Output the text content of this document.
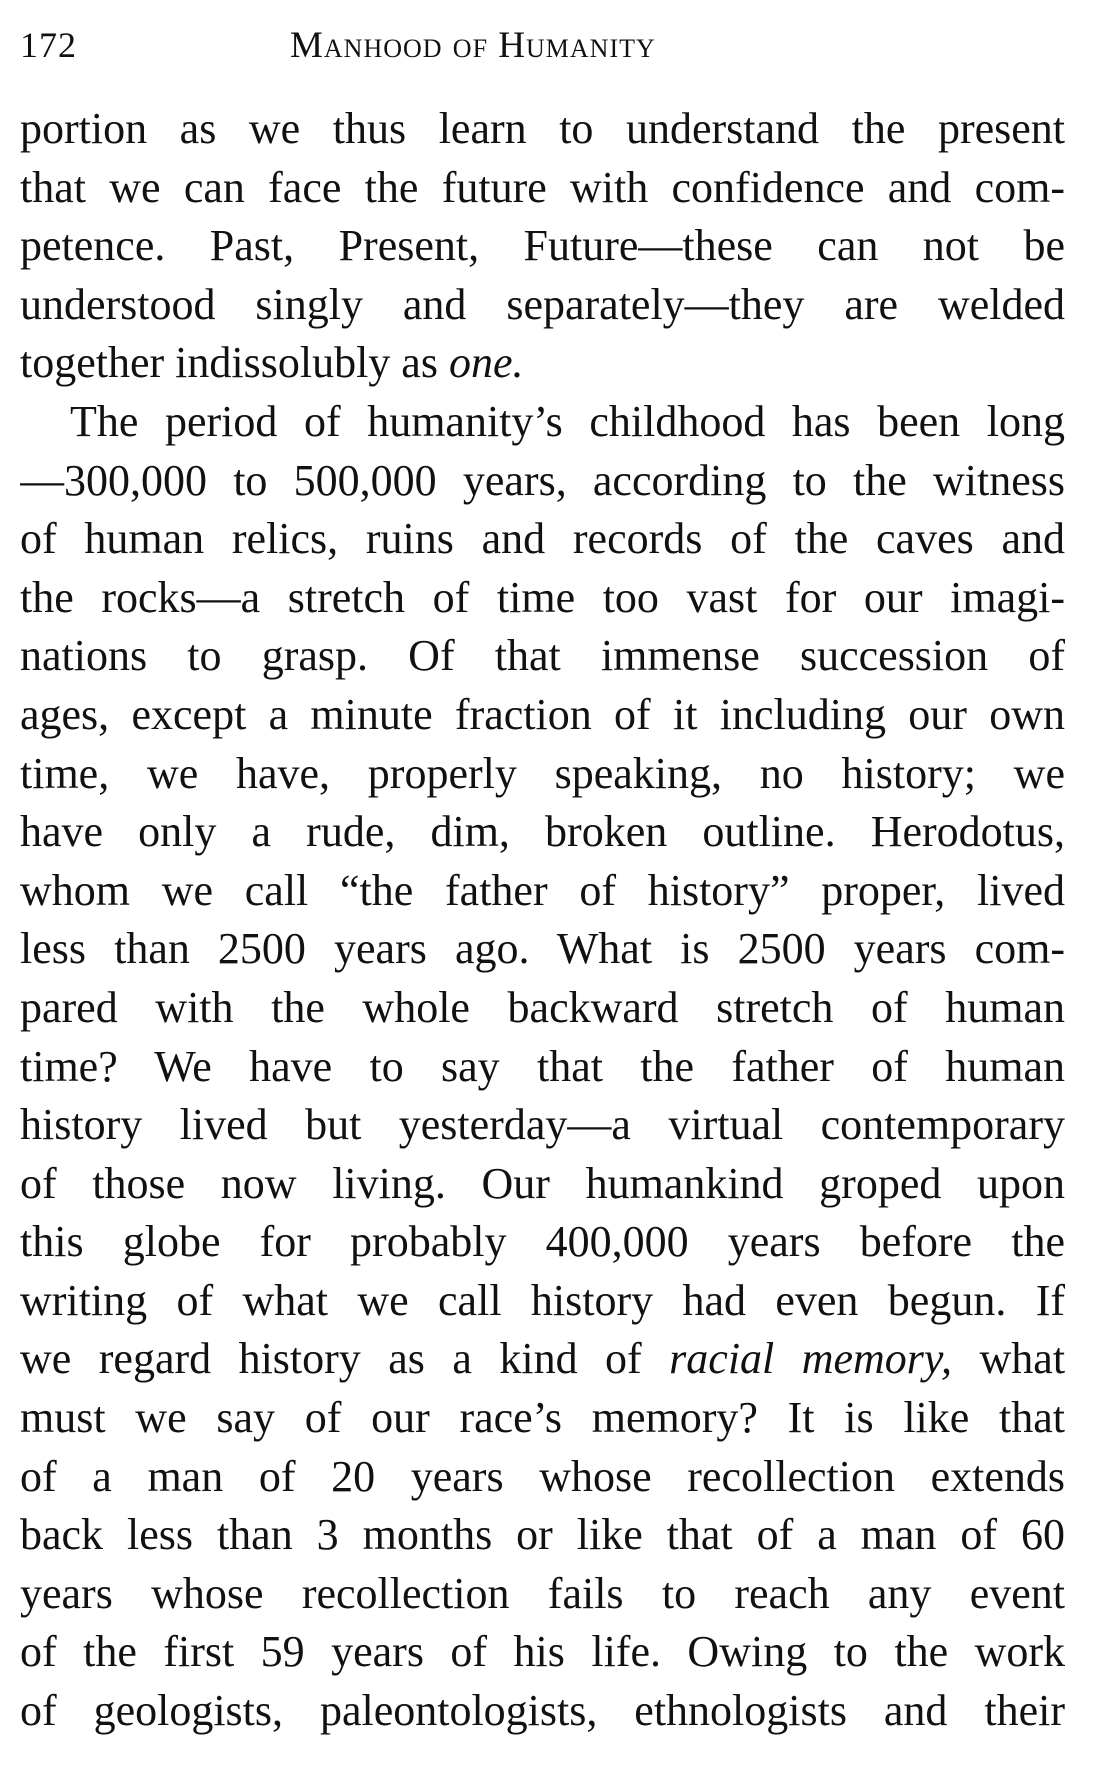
172	Manhood of Humanity
portion as we thus learn to understand the present
that we can face the future with confidence and com-
petence. Past, Present, Future—these can not be
understood singly and separately—they are welded
together indissolubly as one.
The period of humanity’s childhood has been long
—300,000 to 500,000 years, according to the witness
of human relics, ruins and records of the caves and
the rocks—a stretch of time too vast for our imagi-
nations to grasp. Of that immense succession of
ages, except a minute fraction of it including our own
time, we have, properly speaking, no history; we
have only a rude, dim, broken outline. Herodotus,
whom we call “the father of history” proper, lived
less than 2500 years ago. What is 2500 years com-
pared with the whole backward stretch of human
time? We have to say that the father of human
history lived but yesterday—a virtual contemporary
of those now living. Our humankind groped upon
this globe for probably 400,000 years before the
writing of what we call history had even begun. If
we regard history as a kind of racial memory, what
must we say of our race’s memory? It is like that
of a man of 20 years whose recollection extends
back less than 3 months or like that of a man of 60
years whose recollection fails to reach any event
of the first 59 years of his life. Owing to the work
of geologists, paleontologists, ethnologists and their
